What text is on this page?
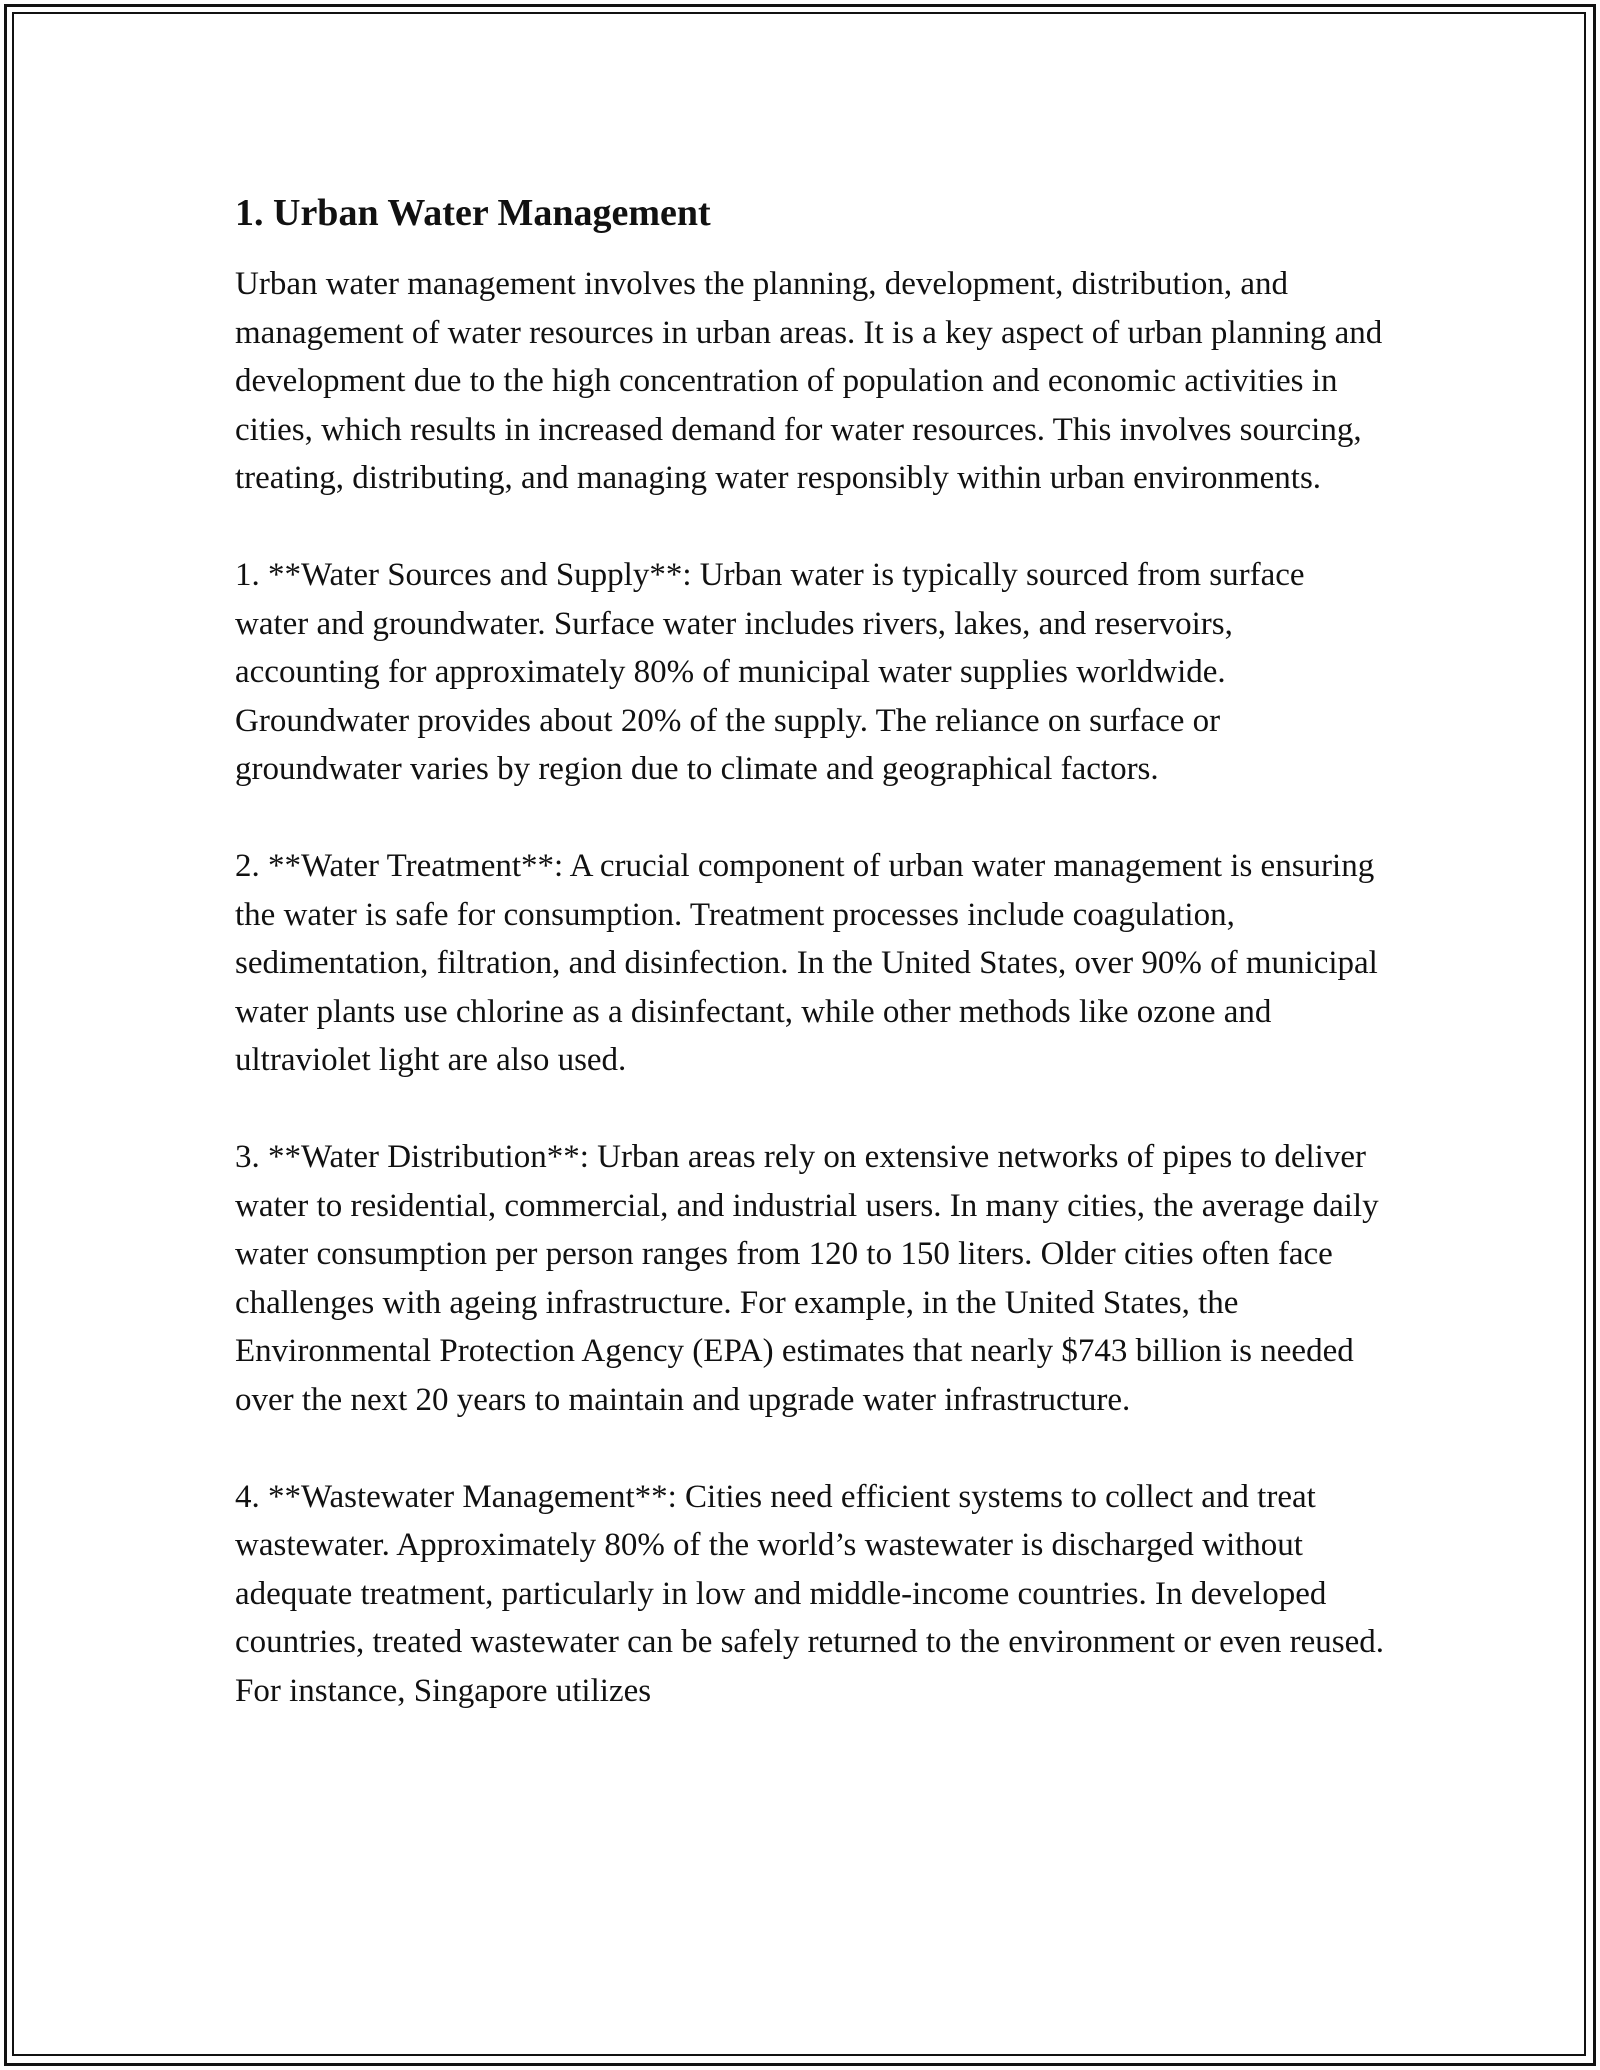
1. Urban Water Management

Urban water management involves the planning, development, distribution, and management of water resources in urban areas. It is a key aspect of urban planning and development due to the high concentration of population and economic activities in cities, which results in increased demand for water resources. This involves sourcing, treating, distributing, and managing water responsibly within urban environments.

1. **Water Sources and Supply**: Urban water is typically sourced from surface water and groundwater. Surface water includes rivers, lakes, and reservoirs, accounting for approximately 80% of municipal water supplies worldwide. Groundwater provides about 20% of the supply. The reliance on surface or groundwater varies by region due to climate and geographical factors.

2. **Water Treatment**: A crucial component of urban water management is ensuring the water is safe for consumption. Treatment processes include coagulation, sedimentation, filtration, and disinfection. In the United States, over 90% of municipal water plants use chlorine as a disinfectant, while other methods like ozone and ultraviolet light are also used.

3. **Water Distribution**: Urban areas rely on extensive networks of pipes to deliver water to residential, commercial, and industrial users. In many cities, the average daily water consumption per person ranges from 120 to 150 liters. Older cities often face challenges with ageing infrastructure. For example, in the United States, the Environmental Protection Agency (EPA) estimates that nearly $743 billion is needed over the next 20 years to maintain and upgrade water infrastructure.

4. **Wastewater Management**: Cities need efficient systems to collect and treat wastewater. Approximately 80% of the world’s wastewater is discharged without adequate treatment, particularly in low and middle-income countries. In developed countries, treated wastewater can be safely returned to the environment or even reused. For instance, Singapore utilizes
